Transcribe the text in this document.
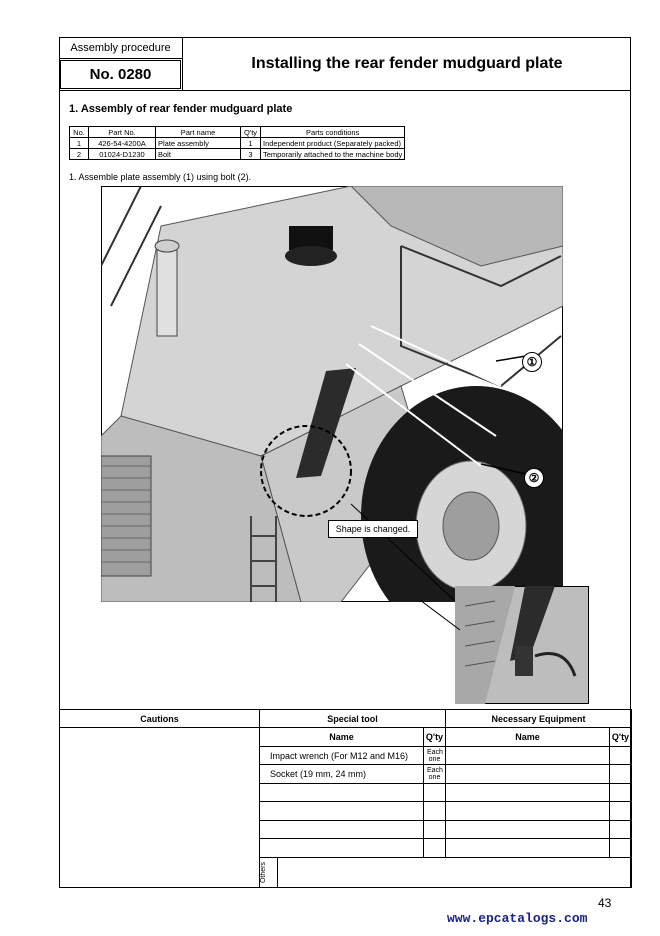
Assembly procedure
No. 0280
Installing the rear fender mudguard plate
1. Assembly of rear fender mudguard plate
No.	Part No.	Part name	Q'ty	Parts conditions
1	426-54-4200A	Plate assembly	1	Independent product (Separately packed)
2	01024-D1230	Bolt	3	Temporarily attached to the machine body
1. Assemble plate assembly (1) using bolt (2).
Shape is changed.
①
②
Cautions	Special tool			Necessary Equipment	
	Name		Q'ty	Name	Q'ty
	Impact wrench (For M12 and M16)		Each one		
	Socket (19 mm, 24 mm)		Each one		

	Others				

43
www.epcatalogs.com
